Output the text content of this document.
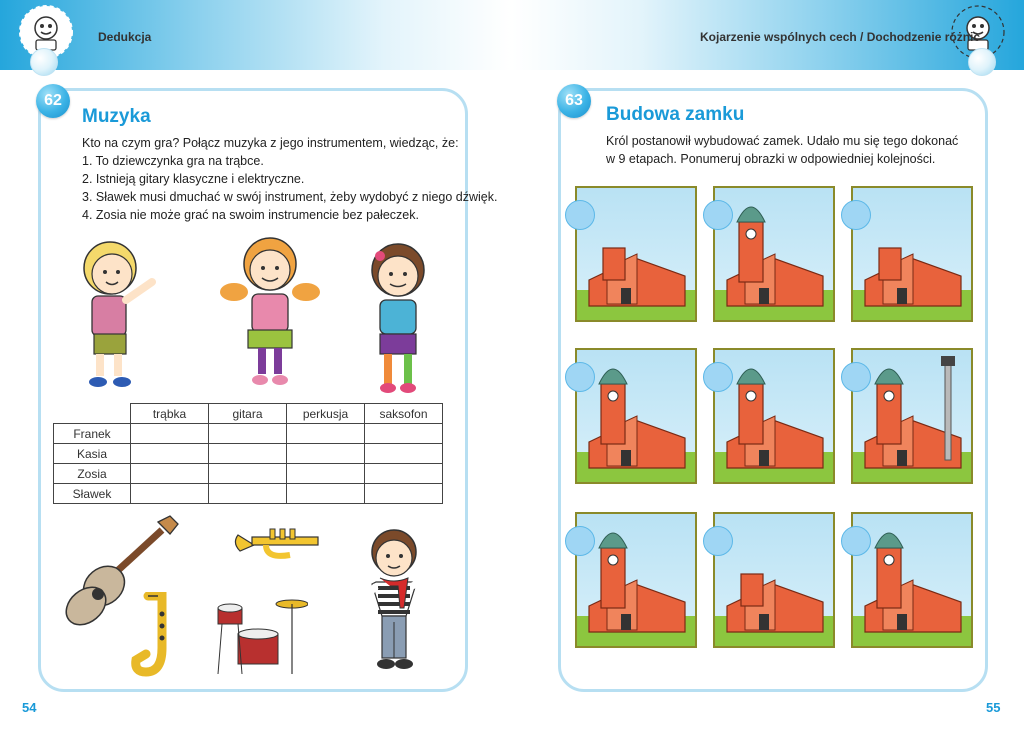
Dedukcja	Kojarzenie wspólnych cech / Dochodzenie różnic
62
Muzyka
Kto na czym gra? Połącz muzyka z jego instrumentem, wiedząc, że:
1. To dziewczynka gra na trąbce.
2. Istnieją gitary klasyczne i elektryczne.
3. Sławek musi dmuchać w swój instrument, żeby wydobyć z niego dźwięk.
4. Zosia nie może grać na swoim instrumencie bez pałeczek.
	trąbka	gitara	perkusja	saksofon
Franek				
Kasia				
Zosia				
Sławek				
63
Budowa zamku
Król postanowił wybudować zamek. Udało mu się tego dokonać
w 9 etapach. Ponumeruj obrazki w odpowiedniej kolejności.
54	55
